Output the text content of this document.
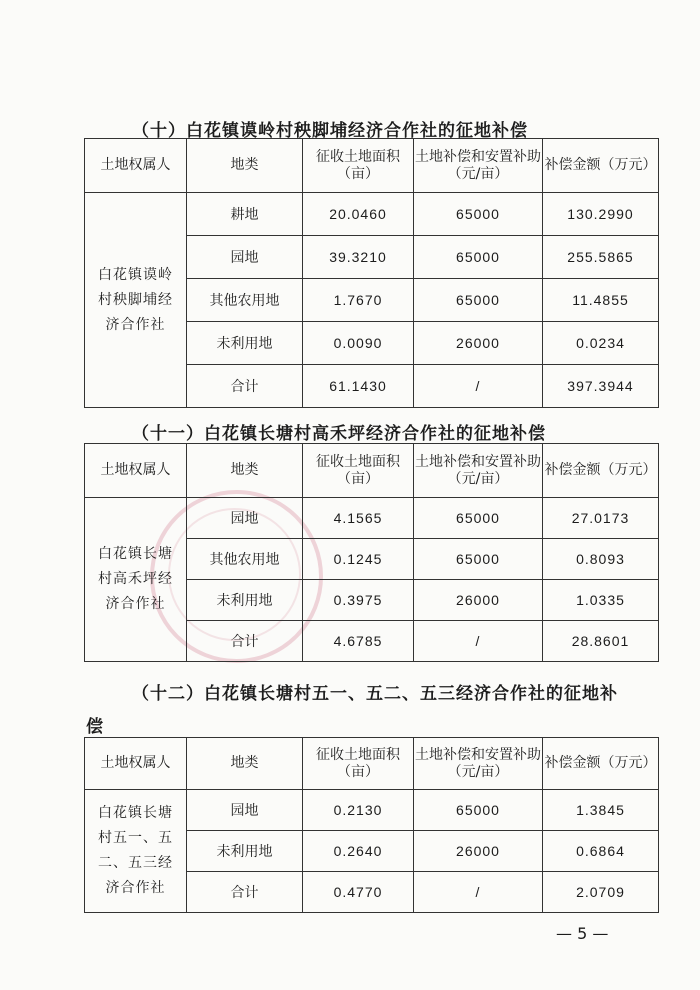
（十）白花镇谟岭村秧脚埔经济合作社的征地补偿
土地权属人	地类	征收土地面积（亩）	土地补偿和安置补助（元/亩）	补偿金额（万元）
白花镇谟岭村秧脚埔经济合作社	耕地	20.0460	65000	130.2990
	园地	39.3210	65000	255.5865
	其他农用地	1.7670	65000	11.4855
	未利用地	0.0090	26000	0.0234
	合计	61.1430	/	397.3944
（十一）白花镇长塘村高禾坪经济合作社的征地补偿
土地权属人	地类	征收土地面积（亩）	土地补偿和安置补助（元/亩）	补偿金额（万元）
白花镇长塘村高禾坪经济合作社	园地	4.1565	65000	27.0173
	其他农用地	0.1245	65000	0.8093
	未利用地	0.3975	26000	1.0335
	合计	4.6785	/	28.8601
（十二）白花镇长塘村五一、五二、五三经济合作社的征地补
偿
土地权属人	地类	征收土地面积（亩）	土地补偿和安置补助（元/亩）	补偿金额（万元）
白花镇长塘村五一、五二、五三经济合作社	园地	0.2130	65000	1.3845
	未利用地	0.2640	26000	0.6864
	合计	0.4770	/	2.0709
— 5 —
